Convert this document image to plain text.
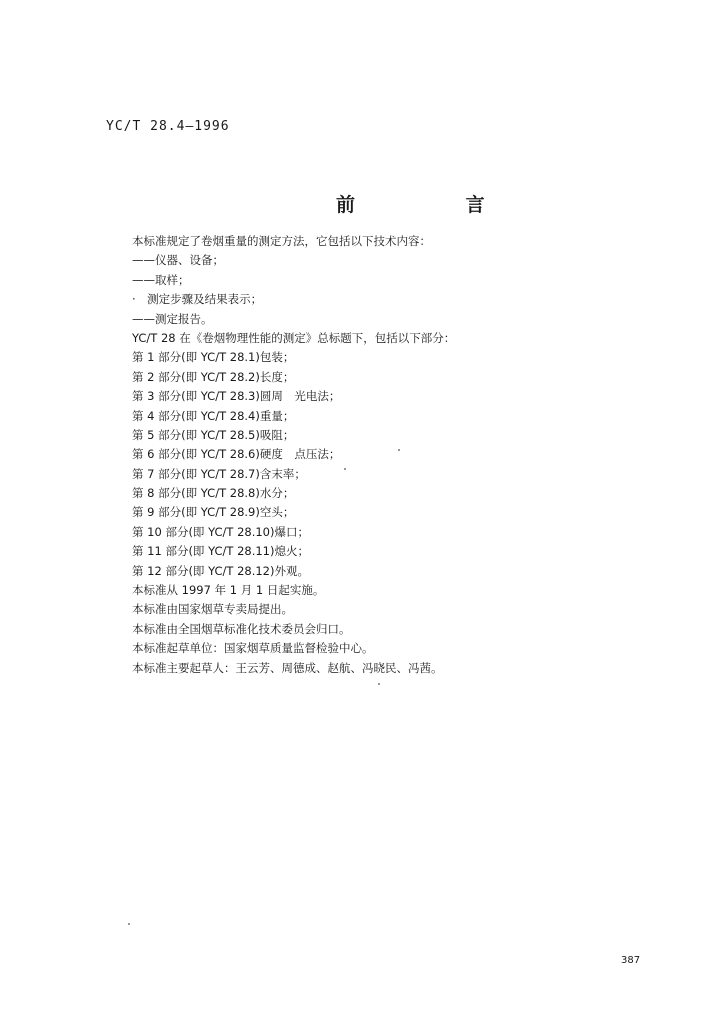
YC/T 28.4—1996
前 言
本标准规定了卷烟重量的测定方法，它包括以下技术内容：
——仪器、设备；
——取样；
·　测定步骤及结果表示；
——测定报告。
YC/T 28 在《卷烟物理性能的测定》总标题下，包括以下部分：
第 1 部分(即 YC/T 28.1)包装；
第 2 部分(即 YC/T 28.2)长度；
第 3 部分(即 YC/T 28.3)圆周　光电法；
第 4 部分(即 YC/T 28.4)重量；
第 5 部分(即 YC/T 28.5)吸阻；
第 6 部分(即 YC/T 28.6)硬度　点压法；
第 7 部分(即 YC/T 28.7)含末率；
第 8 部分(即 YC/T 28.8)水分；
第 9 部分(即 YC/T 28.9)空头；
第 10 部分(即 YC/T 28.10)爆口；
第 11 部分(即 YC/T 28.11)熄火；
第 12 部分(即 YC/T 28.12)外观。
本标准从 1997 年 1 月 1 日起实施。
本标准由国家烟草专卖局提出。
本标准由全国烟草标准化技术委员会归口。
本标准起草单位：国家烟草质量监督检验中心。
本标准主要起草人：王云芳、周德成、赵航、冯晓民、冯茜。
387
